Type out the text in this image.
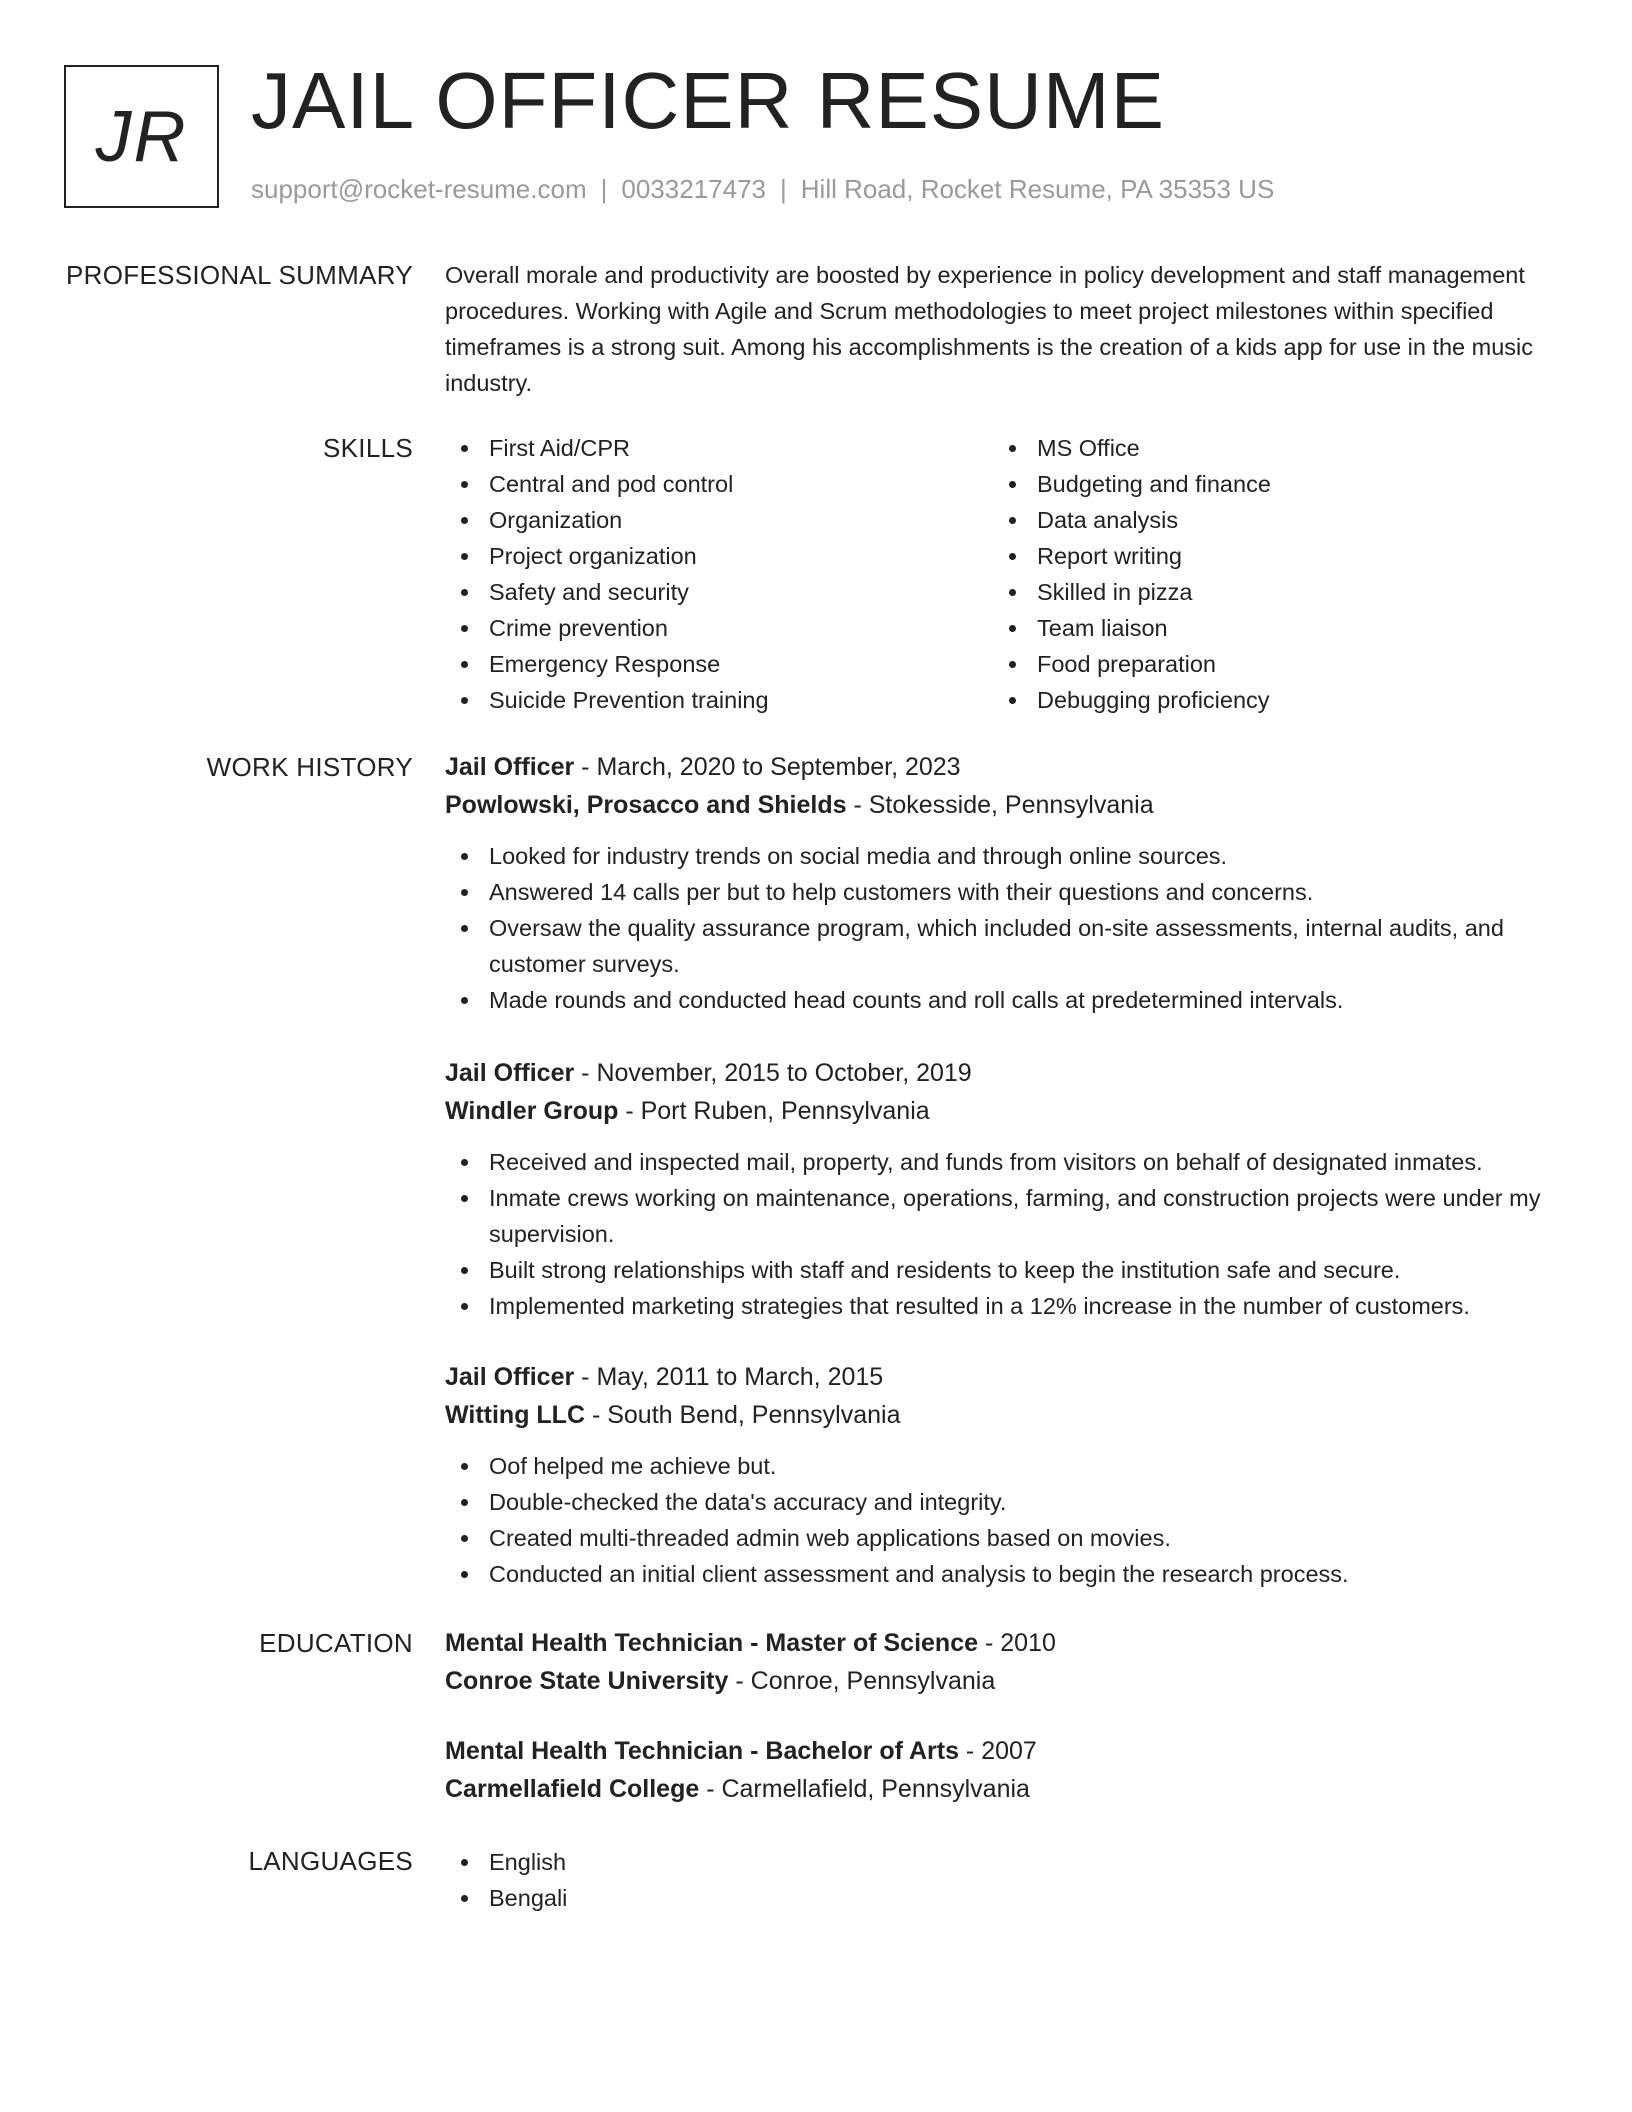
JR JAIL OFFICER RESUME
support@rocket-resume.com | 0033217473 | Hill Road, Rocket Resume, PA 35353 US
PROFESSIONAL SUMMARY Overall morale and productivity are boosted by experience in policy development and staff management procedures. Working with Agile and Scrum methodologies to meet project milestones within specified timeframes is a strong suit. Among his accomplishments is the creation of a kids app for use in the music industry.

SKILLS	First Aid/CPR
Central and pod control
Organization
Project organization
Safety and security
Crime prevention
Emergency Response
Suicide Prevention training
MS Office
Budgeting and finance
Data analysis
Report writing
Skilled in pizza
Team liaison
Food preparation
Debugging proficiency
WORK HISTORY Jail Officer - March, 2020 to September, 2023
Powlowski, Prosacco and Shields - Stokesside, Pennsylvania
Looked for industry trends on social media and through online sources.
Answered 14 calls per but to help customers with their questions and concerns.
Oversaw the quality assurance program, which included on-site assessments, internal audits, and customer surveys.
Made rounds and conducted head counts and roll calls at predetermined intervals.
Jail Officer - November, 2015 to October, 2019
Windler Group - Port Ruben, Pennsylvania
Received and inspected mail, property, and funds from visitors on behalf of designated inmates.
Inmate crews working on maintenance, operations, farming, and construction projects were under my supervision.
Built strong relationships with staff and residents to keep the institution safe and secure.
Implemented marketing strategies that resulted in a 12% increase in the number of customers.
Jail Officer - May, 2011 to March, 2015
Witting LLC - South Bend, Pennsylvania
Oof helped me achieve but.
Double-checked the data's accuracy and integrity.
Created multi-threaded admin web applications based on movies.
Conducted an initial client assessment and analysis to begin the research process.
EDUCATION Mental Health Technician - Master of Science - 2010
Conroe State University - Conroe, Pennsylvania
Mental Health Technician - Bachelor of Arts - 2007
Carmellafield College - Carmellafield, Pennsylvania
LANGUAGES	English
Bengali
